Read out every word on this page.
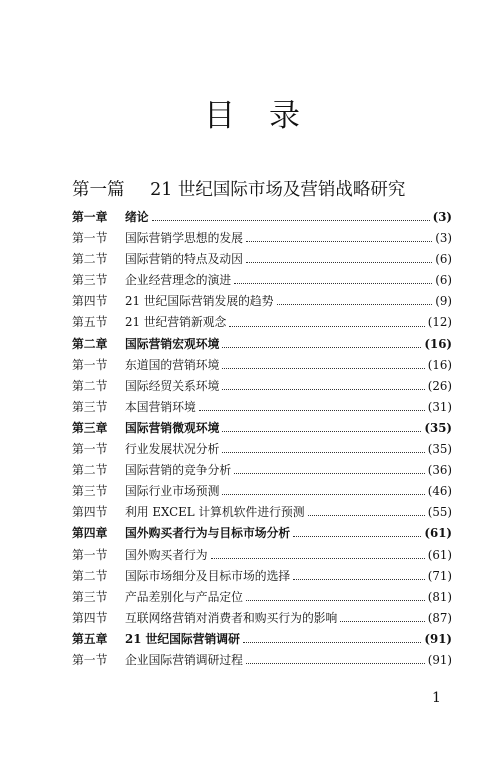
目录
第一篇 21 世纪国际市场及营销战略研究
第一章	绪论	(3)
第一节	国际营销学思想的发展	(3)
第二节	国际营销的特点及动因	(6)
第三节	企业经营理念的演进	(6)
第四节	21 世纪国际营销发展的趋势	(9)
第五节	21 世纪营销新观念	(12)
第二章	国际营销宏观环境	(16)
第一节	东道国的营销环境	(16)
第二节	国际经贸关系环境	(26)
第三节	本国营销环境	(31)
第三章	国际营销微观环境	(35)
第一节	行业发展状况分析	(35)
第二节	国际营销的竞争分析	(36)
第三节	国际行业市场预测	(46)
第四节	利用 EXCEL 计算机软件进行预测	(55)
第四章	国外购买者行为与目标市场分析	(61)
第一节	国外购买者行为	(61)
第二节	国际市场细分及目标市场的选择	(71)
第三节	产品差别化与产品定位	(81)
第四节	互联网络营销对消费者和购买行为的影响	(87)
第五章	21 世纪国际营销调研	(91)
第一节	企业国际营销调研过程	(91)
1
